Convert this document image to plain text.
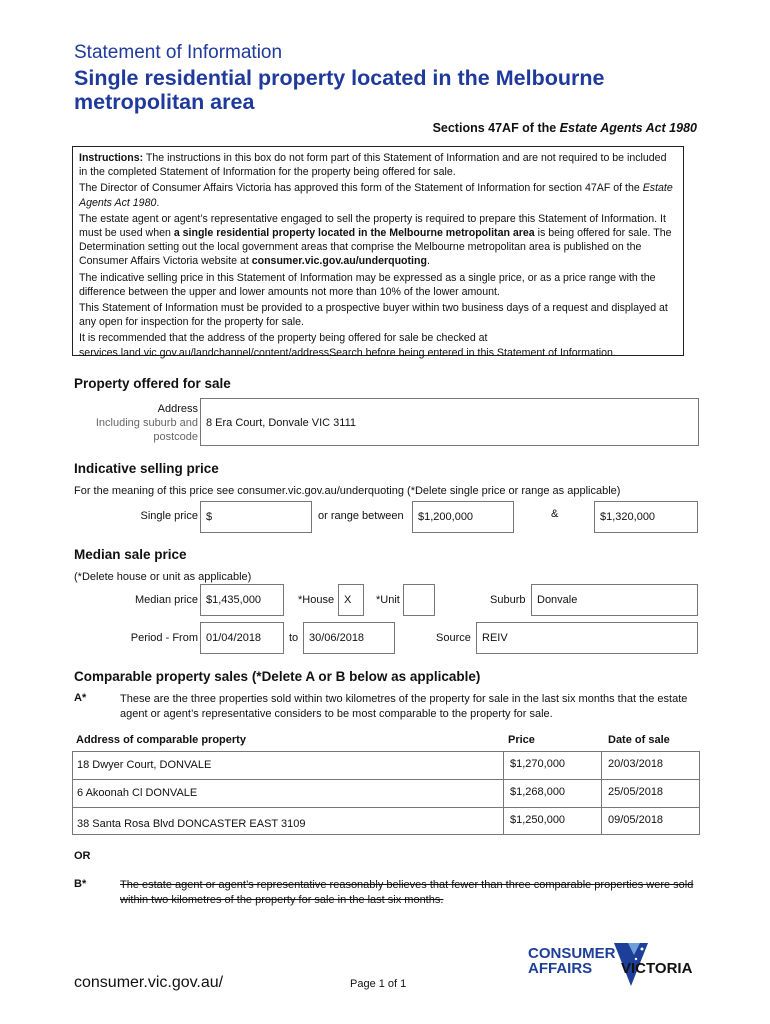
Statement of Information
Single residential property located in the Melbourne metropolitan area
Sections 47AF of the Estate Agents Act 1980

Instructions: The instructions in this box do not form part of this Statement of Information and are not required to be included in the completed Statement of Information for the property being offered for sale.

The Director of Consumer Affairs Victoria has approved this form of the Statement of Information for section 47AF of the Estate Agents Act 1980.

The estate agent or agent’s representative engaged to sell the property is required to prepare this Statement of Information. It must be used when a single residential property located in the Melbourne metropolitan area is being offered for sale. The Determination setting out the local government areas that comprise the Melbourne metropolitan area is published on the Consumer Affairs Victoria website at consumer.vic.gov.au/underquoting.

The indicative selling price in this Statement of Information may be expressed as a single price, or as a price range with the difference between the upper and lower amounts not more than 10% of the lower amount.

This Statement of Information must be provided to a prospective buyer within two business days of a request and displayed at any open for inspection for the property for sale.

It is recommended that the address of the property being offered for sale be checked at services.land.vic.gov.au/landchannel/content/addressSearch before being entered in this Statement of Information.

Property offered for sale
Address
Including suburb and
postcode
8 Era Court, Donvale VIC 3111
Indicative selling price
For the meaning of this price see consumer.vic.gov.au/underquoting (*Delete single price or range as applicable)
Single price $	or range between	$1,200,000	&	$1,320,000
Median sale price
(*Delete house or unit as applicable)
Median price $1,435,000	*House X	*Unit	Suburb	Donvale
Period - From 01/04/2018	to 30/06/2018	Source	REIV
Comparable property sales (*Delete A or B below as applicable)
A*	These are the three properties sold within two kilometres of the property for sale in the last six months that the estate agent or agent’s representative considers to be most comparable to the property for sale.
Address of comparable property	Price	Date of sale
18 Dwyer Court, DONVALE	$1,270,000	20/03/2018
6 Akoonah Cl DONVALE	$1,268,000	25/05/2018
38 Santa Rosa Blvd DONCASTER EAST 3109	$1,250,000	09/05/2018
OR
B*	The estate agent or agent’s representative reasonably believes that fewer than three comparable properties were sold within two kilometres of the property for sale in the last six months.
consumer.vic.gov.au/	Page 1 of 1
CONSUMER
AFFAIRS VICTORIA
